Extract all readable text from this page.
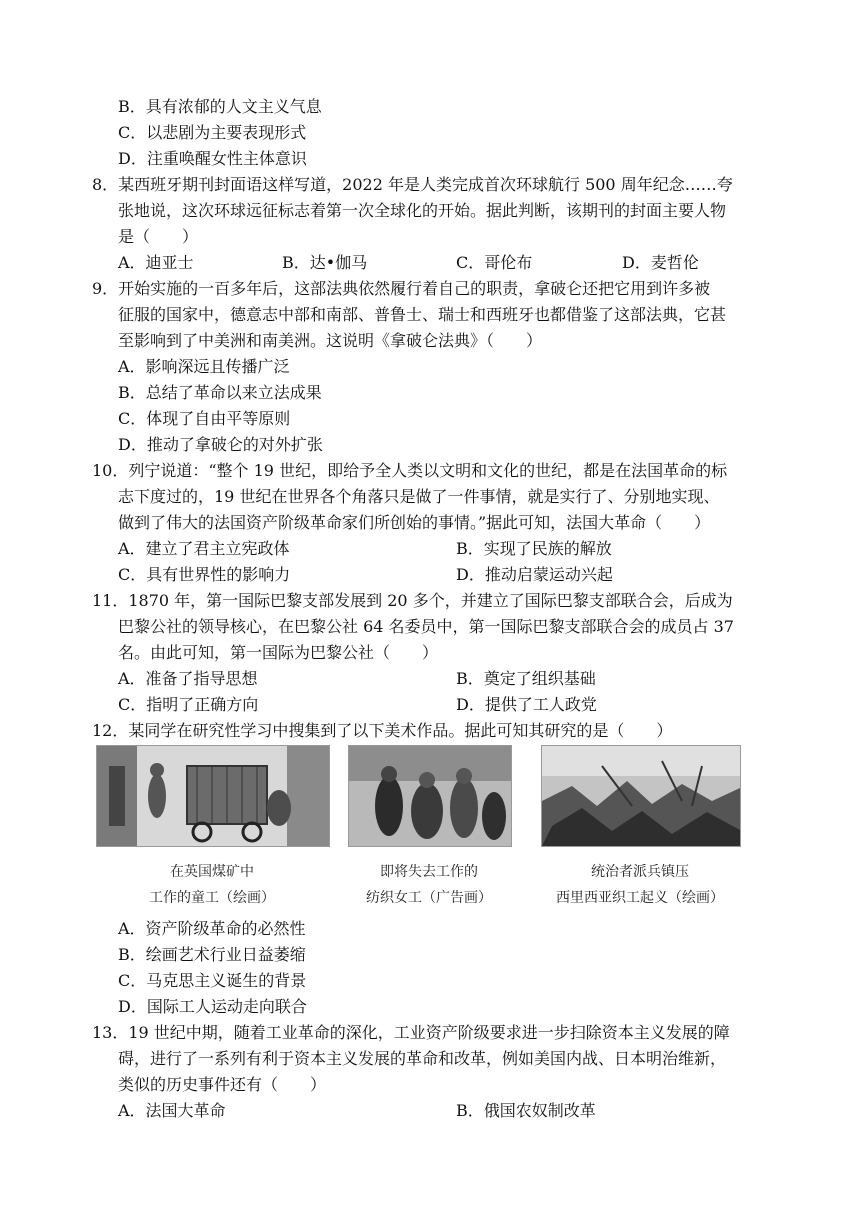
B．具有浓郁的人文主义气息
C．以悲剧为主要表现形式
D．注重唤醒女性主体意识
8．某西班牙期刊封面语这样写道，2022 年是人类完成首次环球航行 500 周年纪念……夸
张地说，这次环球远征标志着第一次全球化的开始。据此判断，该期刊的封面主要人物
是（　　）
9．开始实施的一百多年后，这部法典依然履行着自己的职责，拿破仑还把它用到许多被
征服的国家中，德意志中部和南部、普鲁士、瑞士和西班牙也都借鉴了这部法典，它甚
至影响到了中美洲和南美洲。这说明《拿破仑法典》（　　）
A．影响深远且传播广泛
B．总结了革命以来立法成果
C．体现了自由平等原则
D．推动了拿破仑的对外扩张
10．列宁说道：“整个 19 世纪，即给予全人类以文明和文化的世纪，都是在法国革命的标
志下度过的，19 世纪在世界各个角落只是做了一件事情，就是实行了、分别地实现、
做到了伟大的法国资产阶级革命家们所创始的事情。”据此可知，法国大革命（　　）
11．1870 年，第一国际巴黎支部发展到 20 多个，并建立了国际巴黎支部联合会，后成为
巴黎公社的领导核心，在巴黎公社 64 名委员中，第一国际巴黎支部联合会的成员占 37
名。由此可知，第一国际为巴黎公社（　　）
12．某同学在研究性学习中搜集到了以下美术作品。据此可知其研究的是（　　）
A．资产阶级革命的必然性
B．绘画艺术行业日益萎缩
C．马克思主义诞生的背景
D．国际工人运动走向联合
13．19 世纪中期，随着工业革命的深化，工业资产阶级要求进一步扫除资本主义发展的障
碍，进行了一系列有利于资本主义发展的革命和改革，例如美国内战、日本明治维新，
类似的历史事件还有（　　）
A．迪亚士	B．达•伽马	C．哥伦布	D．麦哲伦
A．建立了君主立宪政体	B．实现了民族的解放
C．具有世界性的影响力	D．推动启蒙运动兴起
A．准备了指导思想	B．奠定了组织基础
C．指明了正确方向	D．提供了工人政党
A．法国大革命	B．俄国农奴制改革
在英国煤矿中
工作的童工（绘画）
即将失去工作的
纺织女工（广告画）
统治者派兵镇压
西里西亚织工起义（绘画）
